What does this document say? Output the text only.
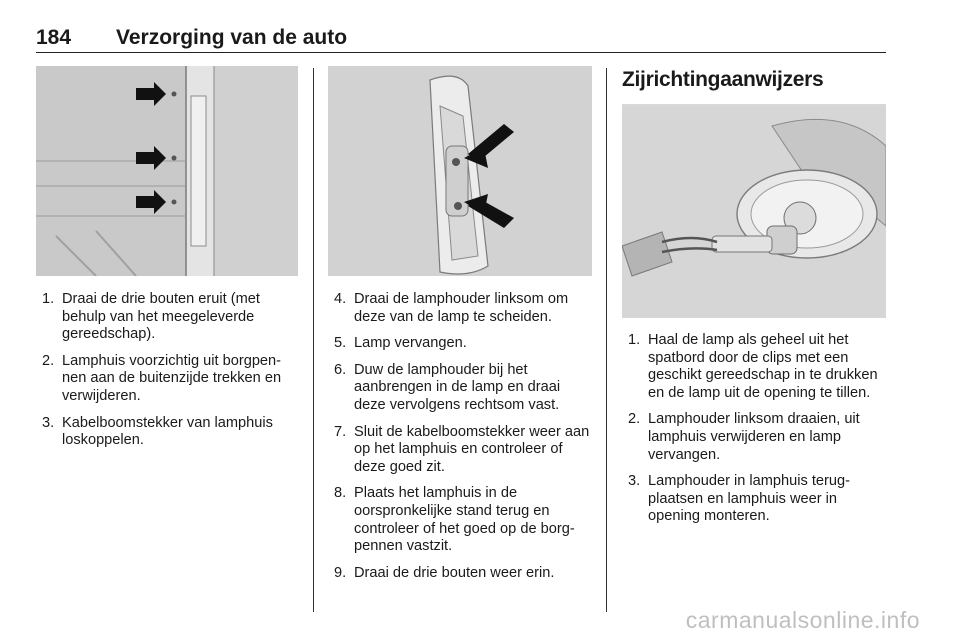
184 Verzorging van de auto
1. Draai de drie bouten eruit (met behulp van het meegeleverde gereedschap).
2. Lamphuis voorzichtig uit borgpennen aan de buitenzijde trekken en verwijderen.
3. Kabelboomstekker van lamphuis loskoppelen.
4. Draai de lamphouder linksom om deze van de lamp te scheiden.
5. Lamp vervangen.
6. Duw de lamphouder bij het aanbrengen in de lamp en draai deze vervolgens rechtsom vast.
7. Sluit de kabelboomstekker weer aan op het lamphuis en controleer of deze goed zit.
8. Plaats het lamphuis in de oorspronkelijke stand terug en controleer of het goed op de borgpennen vastzit.
9. Draai de drie bouten weer erin.
Zijrichtingaanwijzers
1. Haal de lamp als geheel uit het spatbord door de clips met een geschikt gereedschap in te drukken en de lamp uit de opening te tillen.
2. Lamphouder linksom draaien, uit lamphuis verwijderen en lamp vervangen.
3. Lamphouder in lamphuis terugplaatsen en lamphuis weer in opening monteren.
carmanualsonline.info
